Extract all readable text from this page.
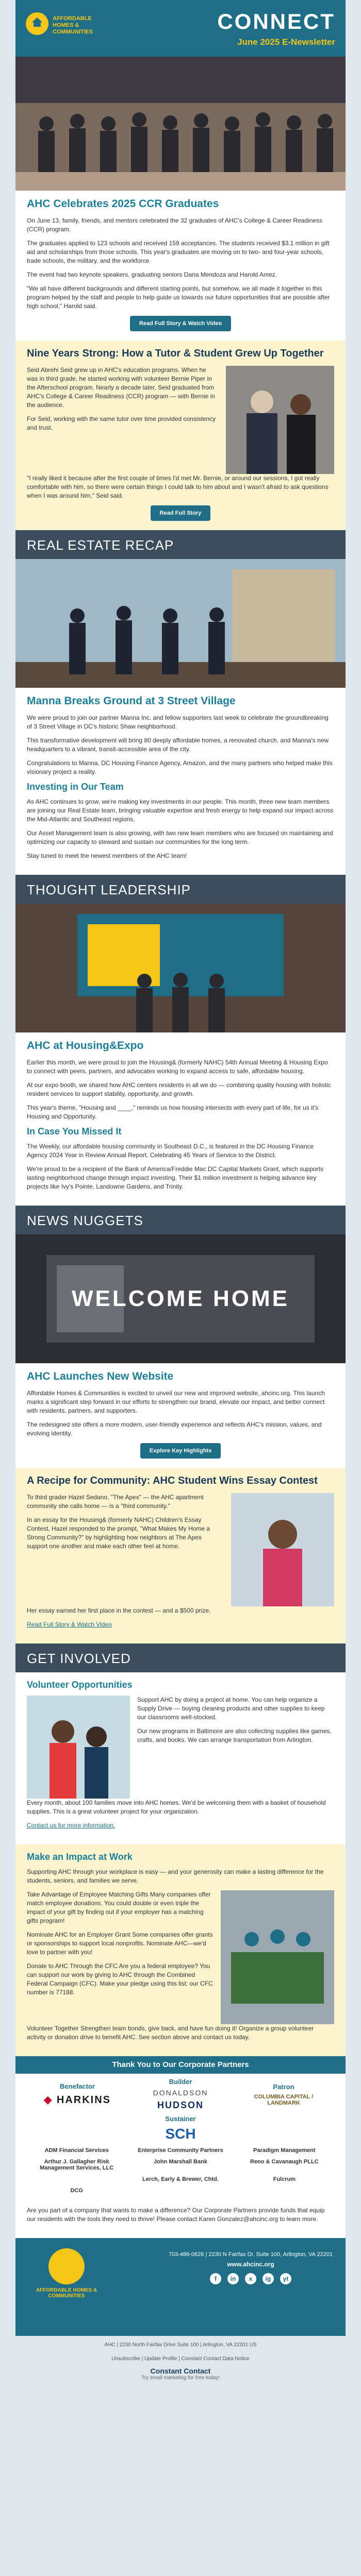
AFFORDABLE HOMES & COMMUNITIES	CONNECT
June 2025 E-Newsletter
AHC Celebrates 2025 CCR Graduates

On June 13, family, friends, and mentors celebrated the 32 graduates of AHC's College & Career Readiness (CCR) program.

The graduates applied to 123 schools and received 159 acceptances. The students received $3.1 million in gift aid and scholarships from those schools. This year's graduates are moving on to two- and four-year schools, trade schools, the military, and the workforce.

The event had two keynote speakers, graduating seniors Dana Mendoza and Harold Amez.

"We all have different backgrounds and different starting points, but somehow, we all made it together in this program helped by the staff and people to help guide us towards our future opportunities that are possible after high school," Harold said.

Read Full Story & Watch Video
Nine Years Strong: How a Tutor & Student Grew Up Together

Seid Abrehi Seid grew up in AHC's education programs. When he was in third grade, he started working with volunteer Bernie Piper in the Afterschool program. Nearly a decade later, Seid graduated from AHC's College & Career Readiness (CCR) program — with Bernie in the audience.

For Seid, working with the same tutor over time provided consistency and trust.

"I really liked it because after the first couple of times I'd met Mr. Bernie, or around our sessions, I got really comfortable with him, so there were certain things I could talk to him about and I wasn't afraid to ask questions when I was around him," Seid said.

Read Full Story
REAL ESTATE RECAP
Manna Breaks Ground at 3 Street Village

We were proud to join our partner Manna Inc. and fellow supporters last week to celebrate the groundbreaking of 3 Street Village in DC's historic Shaw neighborhood.

This transformative development will bring 80 deeply affordable homes, a renovated church, and Manna's new headquarters to a vibrant, transit-accessible area of the city.

Congratulations to Manna, DC Housing Finance Agency, Amazon, and the many partners who helped make this visionary project a reality.

Investing in Our Team

As AHC continues to grow, we're making key investments in our people. This month, three new team members are joining our Real Estate team, bringing valuable expertise and fresh energy to help expand our impact across the Mid-Atlantic and Southeast regions.

Our Asset Management team is also growing, with two new team members who are focused on maintaining and optimizing our capacity to steward and sustain our communities for the long term.

Stay tuned to meet the newest members of the AHC team!

THOUGHT LEADERSHIP
AHC at Housing&Expo

Earlier this month, we were proud to join the Housing& (formerly NAHC) 54th Annual Meeting & Housing Expo to connect with peers, partners, and advocates working to expand access to safe, affordable housing.

At our expo booth, we shared how AHC centers residents in all we do — combining quality housing with holistic resident services to support stability, opportunity, and growth.

This year's theme, "Housing and ____," reminds us how housing intersects with every part of life, for us it's Housing and Opportunity.

In Case You Missed It

The Weekly, our affordable housing community in Southeast D.C., is featured in the DC Housing Finance Agency 2024 Year in Review Annual Report. Celebrating 45 Years of Service to the District.

We're proud to be a recipient of the Bank of America/Freddie Mac DC Capital Markets Grant, which supports lasting neighborhood change through impact investing. Their $1 million investment is helping advance key projects like Ivy's Pointe, Landowne Gardens, and Trinity.

NEWS NUGGETS
WELCOME HOME
AHC Launches New Website

Affordable Homes & Communities is excited to unveil our new and improved website, ahcinc.org. This launch marks a significant step forward in our efforts to strengthen our brand, elevate our impact, and better connect with residents, partners, and supporters.

The redesigned site offers a more modern, user-friendly experience and reflects AHC's mission, values, and evolving identity.

Explore Key Highlights
A Recipe for Community: AHC Student Wins Essay Contest

To third grader Hazel Sedano, "The Apex" — the AHC apartment community she calls home — is a "third community."

In an essay for the Housing& (formerly NAHC) Children's Essay Contest, Hazel responded to the prompt, "What Makes My Home a Strong Community?" by highlighting how neighbors at The Apex support one another and make each other feel at home.

Her essay earned her first place in the contest — and a $500 prize.

Read Full Story & Watch Video

GET INVOLVED
Volunteer Opportunities

Support AHC by doing a project at home. You can help organize a Supply Drive — buying cleaning products and other supplies to keep our classrooms well-stocked.

Our new programs in Baltimore are also collecting supplies like games, crafts, and books. We can arrange transportation from Arlington.

Every month, about 100 families move into AHC homes. We'd be welcoming them with a basket of household supplies. This is a great volunteer project for your organization.

Contact us for more information.

Make an Impact at Work

Supporting AHC through your workplace is easy — and your generosity can make a lasting difference for the students, seniors, and families we serve.

Take Advantage of Employee Matching Gifts Many companies offer match employee donations. You could double or even triple the impact of your gift by finding out if your employer has a matching gifts program!

Nominate AHC for an Employer Grant Some companies offer grants or sponsorships to support local nonprofits. Nominate AHC—we'd love to partner with you!

Donate to AHC Through the CFC Are you a federal employee? You can support our work by giving to AHC through the Combined Federal Campaign (CFC). Make your pledge using this list: our CFC number is 77188.

Volunteer Together Strengthen team bonds, give back, and have fun doing it! Organize a group volunteer activity or donation drive to benefit AHC. See section above and contact us today.

Thank You to Our Corporate Partners
Benefactor
◆ HARKINS
Builder
DONALDSON
HUDSON
Patron
COLUMBIA CAPITAL / LANDMARK
Sustainer
SCH
ADM Financial Services	Enterprise Community Partners	Paradigm Management
Arthur J. Gallagher Risk Management Services, LLC
John Marshall Bank	Reno & Cavanaugh PLLC
Lerch, Early & Brewer, Chtd.	Fulcrum
DCG

Are you part of a company that wants to make a difference? Our Corporate Partners provide funds that equip our residents with the tools they need to thrive! Please contact Karen Gonzalez@ahcinc.org to learn more.

AFFORDABLE HOMES & COMMUNITIES
703-486-0626 | 2230 N Fairfax Dr. Suite 100, Arlington, VA 22201
www.ahcinc.org
f	in	x	ig	yt
AHC | 2230 North Fairfax Drive Suite 100 | Arlington, VA 22201 US
Unsubscribe | Update Profile | Constant Contact Data Notice
Constant Contact
Try email marketing for free today!
